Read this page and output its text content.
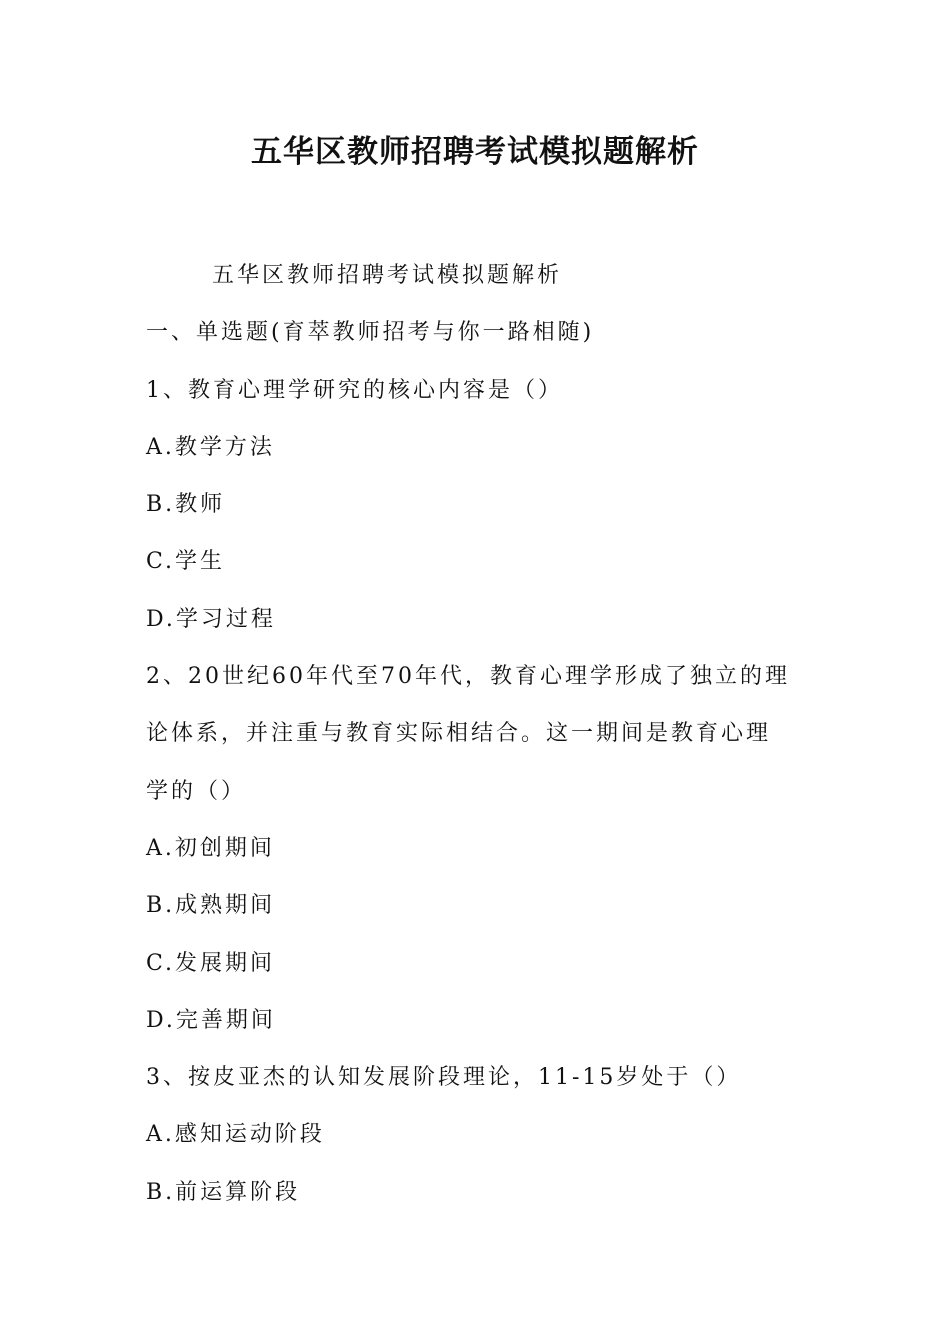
五华区教师招聘考试模拟题解析
五华区教师招聘考试模拟题解析
一、单选题(育萃教师招考与你一路相随)
1、教育心理学研究的核心内容是（）
A.教学方法
B.教师
C.学生
D.学习过程
2、20世纪60年代至70年代，教育心理学形成了独立的理
论体系，并注重与教育实际相结合。这一期间是教育心理
学的（）
A.初创期间
B.成熟期间
C.发展期间
D.完善期间
3、按皮亚杰的认知发展阶段理论，11-15岁处于（）
A.感知运动阶段
B.前运算阶段
